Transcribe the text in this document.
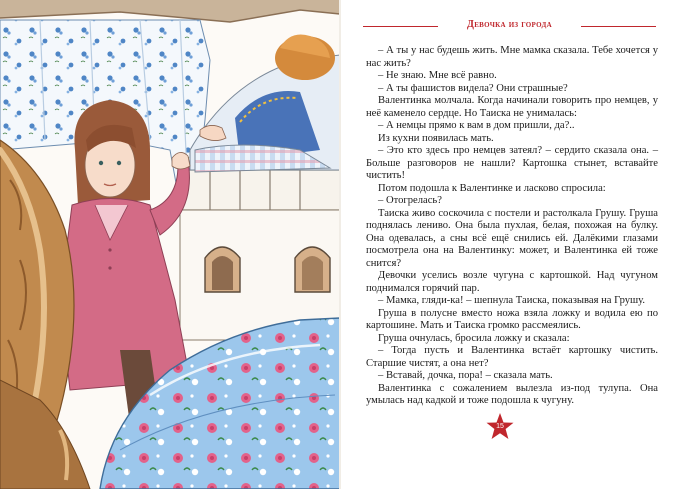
Девочка из города

– А ты у нас будешь жить. Мне мамка сказала. Тебе хочется у нас жить?

– Не знаю. Мне всё равно.

– А ты фашистов видела? Они страшные?

Валентинка молчала. Когда начинали говорить про немцев, у неё каменело сердце. Но Таиска не унималась:

– А немцы прямо к вам в дом пришли, да?..

Из кухни появилась мать.

– Это кто здесь про немцев затеял? – сердито сказала она. – Больше разговоров не нашли? Картошка стынет, вставайте чистить!

Потом подошла к Валентинке и ласково спросила:

– Отогрелась?

Таиска живо соскочила с постели и растолкала Грушу. Груша поднялась лениво. Она была пухлая, белая, похожая на булку. Она одевалась, а сны всё ещё снились ей. Далёкими глазами посмотрела она на Валентинку: может, и Валентинка ей тоже снится?

Девочки уселись возле чугуна с картошкой. Над чугуном поднимался горячий пар.

– Мамка, гляди-ка! – шепнула Таиска, показывая на Грушу.

Груша в полусне вместо ножа взяла ложку и водила ею по картошине. Мать и Таиска громко рассмеялись.

Груша очнулась, бросила ложку и сказала:

– Тогда пусть и Валентинка встаёт картошку чистить. Старшие чистят, а она нет?

– Вставай, дочка, пора! – сказала мать.

Валентинка с сожалением вылезла из-под тулупа. Она умылась над кадкой и тоже подошла к чугуну.

15
